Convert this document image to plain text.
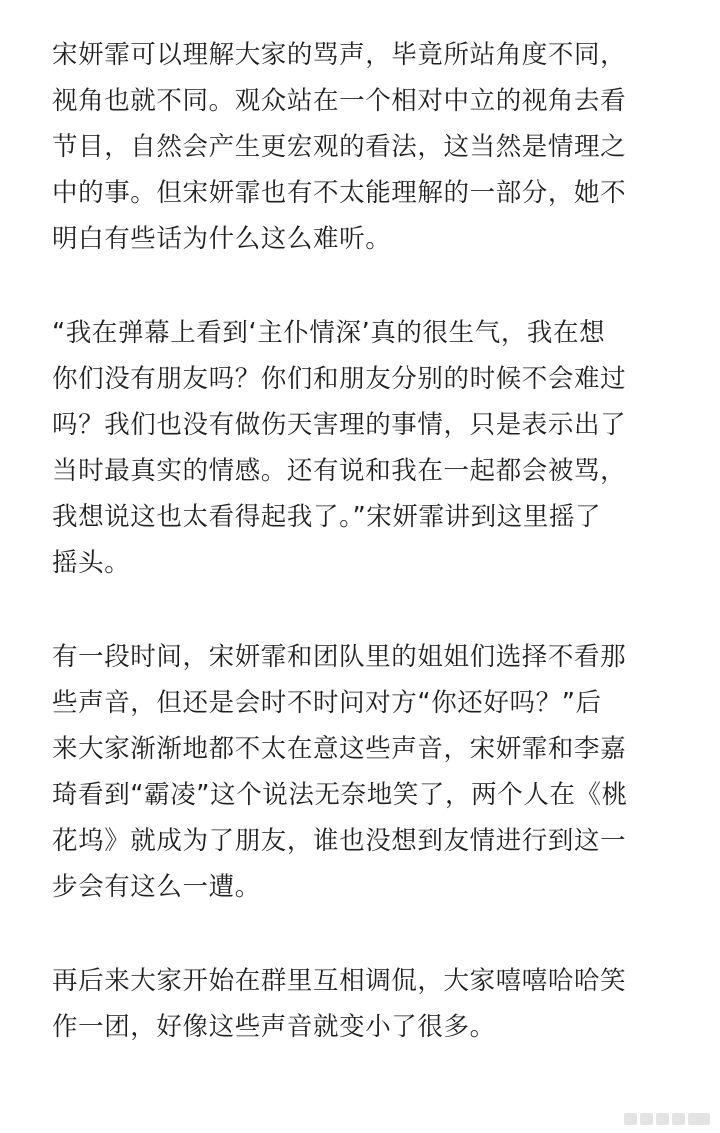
宋妍霏可以理解大家的骂声，毕竟所站角度不同，
视角也就不同。观众站在一个相对中立的视角去看
节目，自然会产生更宏观的看法，这当然是情理之
中的事。但宋妍霏也有不太能理解的一部分，她不
明白有些话为什么这么难听。
“我在弹幕上看到‘主仆情深’真的很生气，我在想
你们没有朋友吗？你们和朋友分别的时候不会难过
吗？我们也没有做伤天害理的事情，只是表示出了
当时最真实的情感。还有说和我在一起都会被骂，
我想说这也太看得起我了。”宋妍霏讲到这里摇了
摇头。
有一段时间，宋妍霏和团队里的姐姐们选择不看那
些声音，但还是会时不时问对方“你还好吗？”后
来大家渐渐地都不太在意这些声音，宋妍霏和李嘉
琦看到“霸凌”这个说法无奈地笑了，两个人在《桃
花坞》就成为了朋友，谁也没想到友情进行到这一
步会有这么一遭。
再后来大家开始在群里互相调侃，大家嘻嘻哈哈笑
作一团，好像这些声音就变小了很多。
